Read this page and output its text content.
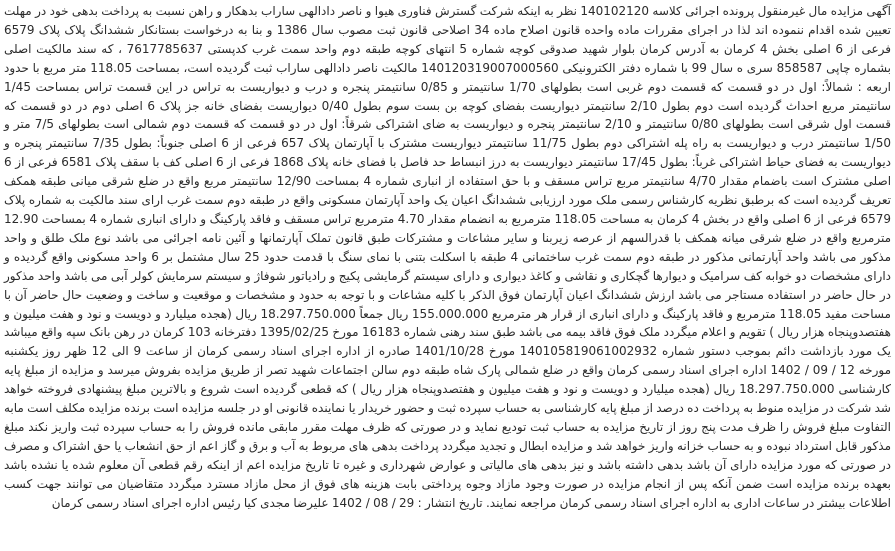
آگهی مزایده مال غیرمنقول پرونده اجرائی کلاسه 140102120 نظر به اینکه شرکت گسترش فناوری هیوا و ناصر دادالهی ساراب بدهکار و راهن نسبت به پرداخت بدهی خود در مهلت تعیین شده اقدام ننموده اند لذا در اجرای مقررات ماده واحده قانون اصلاح ماده 34 اصلاحی قانون ثبت مصوب سال 1386 و بنا به درخواست بستانکار ششدانگ پلاک پلاک 6579 فرعی از 6 اصلی بخش 4 کرمان به آدرس کرمان بلوار شهید صدوقی کوچه شماره 5 انتهای کوچه طبقه دوم واحد سمت غرب کدپستی 7617785637 ، که سند مالکیت اصلی بشماره چاپی 858587 سری ه سال 99 با شماره دفتر الکترونیکی 140120319007000560 مالکیت ناصر دادالهی ساراب ثبت گردیده است، بمساحت 118.05 متر مربع با حدود اربعه : شمالاً: اول در دو قسمت که قسمت دوم غربی است بطولهای 1/70 سانتیمتر و 0/85 سانتیمتر پنجره و درب و دیواریست به تراس در این قسمت تراس بمساحت 1/45 سانتیمتر مربع احداث گردیده است دوم بطول 2/10 سانتیمتر دیواریست بفضای کوچه بن بست سوم بطول 0/40 دیواریست بفضای خانه جز پلاک 6 اصلی دوم در دو قسمت که قسمت اول شرقی است بطولهای 0/80 سانتیمتر و 2/10 سانتیمتر پنجره و دیواریست به ضای اشتراکی شرقاً: اول در دو قسمت که قسمت دوم شمالی است بطولهای 7/5 متر و 1/50 سانتیمتر درب و دیواریست به راه پله اشتراکی دوم بطول 11/75 سانتیمتر دیواریست مشترک با آپارتمان پلاک 657 فرعی از 6 اصلی جنوباً: بطول 7/35 سانتیمتر پنجره و دیواریست به فضای حیاط اشتراکی غرباً: بطول 17/45 سانتیمتر دیواریست به درز انبساط حد فاصل با فضای خانه پلاک 1868 فرعی از 6 اصلی کف با سقف پلاک 6581 فرعی از 6 اصلی مشترک است باضمام مقدار 4/70 سانتیمتر مربع تراس مسقف و با حق استفاده از انباری شماره 4 بمساحت 12/90 سانتیمتر مربع واقع در ضلع شرقی میانی طبقه همکف تعریف گردیده است که برطبق نظریه کارشناس رسمی ملک مورد ارزیابی ششدانگ اعیان یک واحد آپارتمان مسکونی واقع در طبقه دوم سمت غرب ارای سند مالکیت به شماره پلاک 6579 فرعی از 6 اصلی واقع در بخش 4 کرمان به مساحت 118.05 مترمربع به انضمام مقدار 4.70 مترمربع تراس مسقف و فاقد پارکینگ و دارای انباری شماره 4 بمساحت 12.90 مترمربع واقع در ضلع شرقی میانه همکف با قدرالسهم از عرصه زیربنا و سایر مشاعات و مشترکات طبق قانون تملک آپارتمانها و آئین نامه اجرائی می باشد نوع ملک طلق و واحد مذکور می باشد واحد آپارتمانی مذکور در طبقه دوم سمت غرب ساختمانی 4 طبقه با اسکلت بتنی با نمای سنگ با قدمت حدود 25 سال مشتمل بر 6 واحد مسکونی واقع گردیده و دارای مشخصات دو خوابه کف سرامیک و دیوارها گچکاری و نقاشی و کاغذ دیواری و دارای سیستم گرمایشی پکیج و رادیاتور شوفاژ و سیستم سرمایش کولر آبی می باشد واحد مذکور در حال حاضر در استفاده مستاجر می باشد ارزش ششدانگ اعیان آپارتمان فوق الذکر با کلیه مشاعات و با توجه به حدود و مشخصات و موقعیت و ساخت و وضعیت حال حاضر آن با مساحت مفید 118.05 مترمربع و فاقد پارکینگ و دارای انباری از قرار هر مترمربع 155.000.000 ریال جمعاً 18.297.750.000 ریال (هجده میلیارد و دویست و نود و هفت میلیون و هفتصدوپنجاه هزار ریال ) تقویم و اعلام میگردد ملک فوق فاقد بیمه می باشد طبق سند رهنی شماره 16183 مورخ 1395/02/25 دفترخانه 103 کرمان در رهن بانک سپه واقع میباشد یک مورد بازداشت دائم بموجب دستور شماره 140105819061002932 مورخ 1401/10/28 صادره از اداره اجرای اسناد رسمی کرمان از ساعت 9 الی 12 ظهر روز یکشنبه مورخه 12 / 09 / 1402 اداره اجرای اسناد رسمی کرمان واقع در ضلع شمالی پارک شاه طبقه دوم سالن اجتماعات شهید تصر از طریق مزایده بفروش میرسد و مزایده از مبلغ پایه کارشناسی 18.297.750.000 ریال (هجده میلیارد و دویست و نود و هفت میلیون و هفتصدوپنجاه هزار ریال ) که قطعی گردیده است شروع و بالاترین مبلغ پیشنهادی فروخته خواهد شد شرکت در مزایده منوط به پرداخت ده درصد از مبلغ پایه کارشناسی به حساب سپرده ثبت و حضور خریدار یا نماینده قانونی او در جلسه مزایده است برنده مزایده مکلف است مابه التفاوت مبلغ فروش را ظرف مدت پنج روز از تاریخ مزایده به حساب ثبت تودیع نماید و در صورتی که ظرف مهلت مقرر مابقی مانده فروش را به حساب سپرده ثبت واریز نکند مبلغ مذکور قابل استرداد نبوده و به حساب خزانه واریز خواهد شد و مزایده ابطال و تجدید میگردد پرداخت بدهی های مربوط به آب و برق و گاز اعم از حق انشعاب یا حق اشتراک و مصرف در صورتی که مورد مزایده دارای آن باشد بدهی داشته باشد و نیز بدهی های مالیاتی و عوارض شهرداری و غیره تا تاریخ مزایده اعم از اینکه رقم قطعی آن معلوم شده یا نشده باشد بعهده برنده مزایده است ضمن آنکه پس از انجام مزایده در صورت وجود مازاد وجوه پرداختی بابت هزینه های فوق از محل مازاد مسترد میگردد متقاضیان می توانند جهت کسب اطلاعات بیشتر در ساعات اداری به اداره اجرای اسناد رسمی کرمان مراجعه نمایند. تاریخ انتشار : 29 / 08 / 1402 علیرضا مجدی کیا رئیس اداره اجرای اسناد رسمی کرمان
